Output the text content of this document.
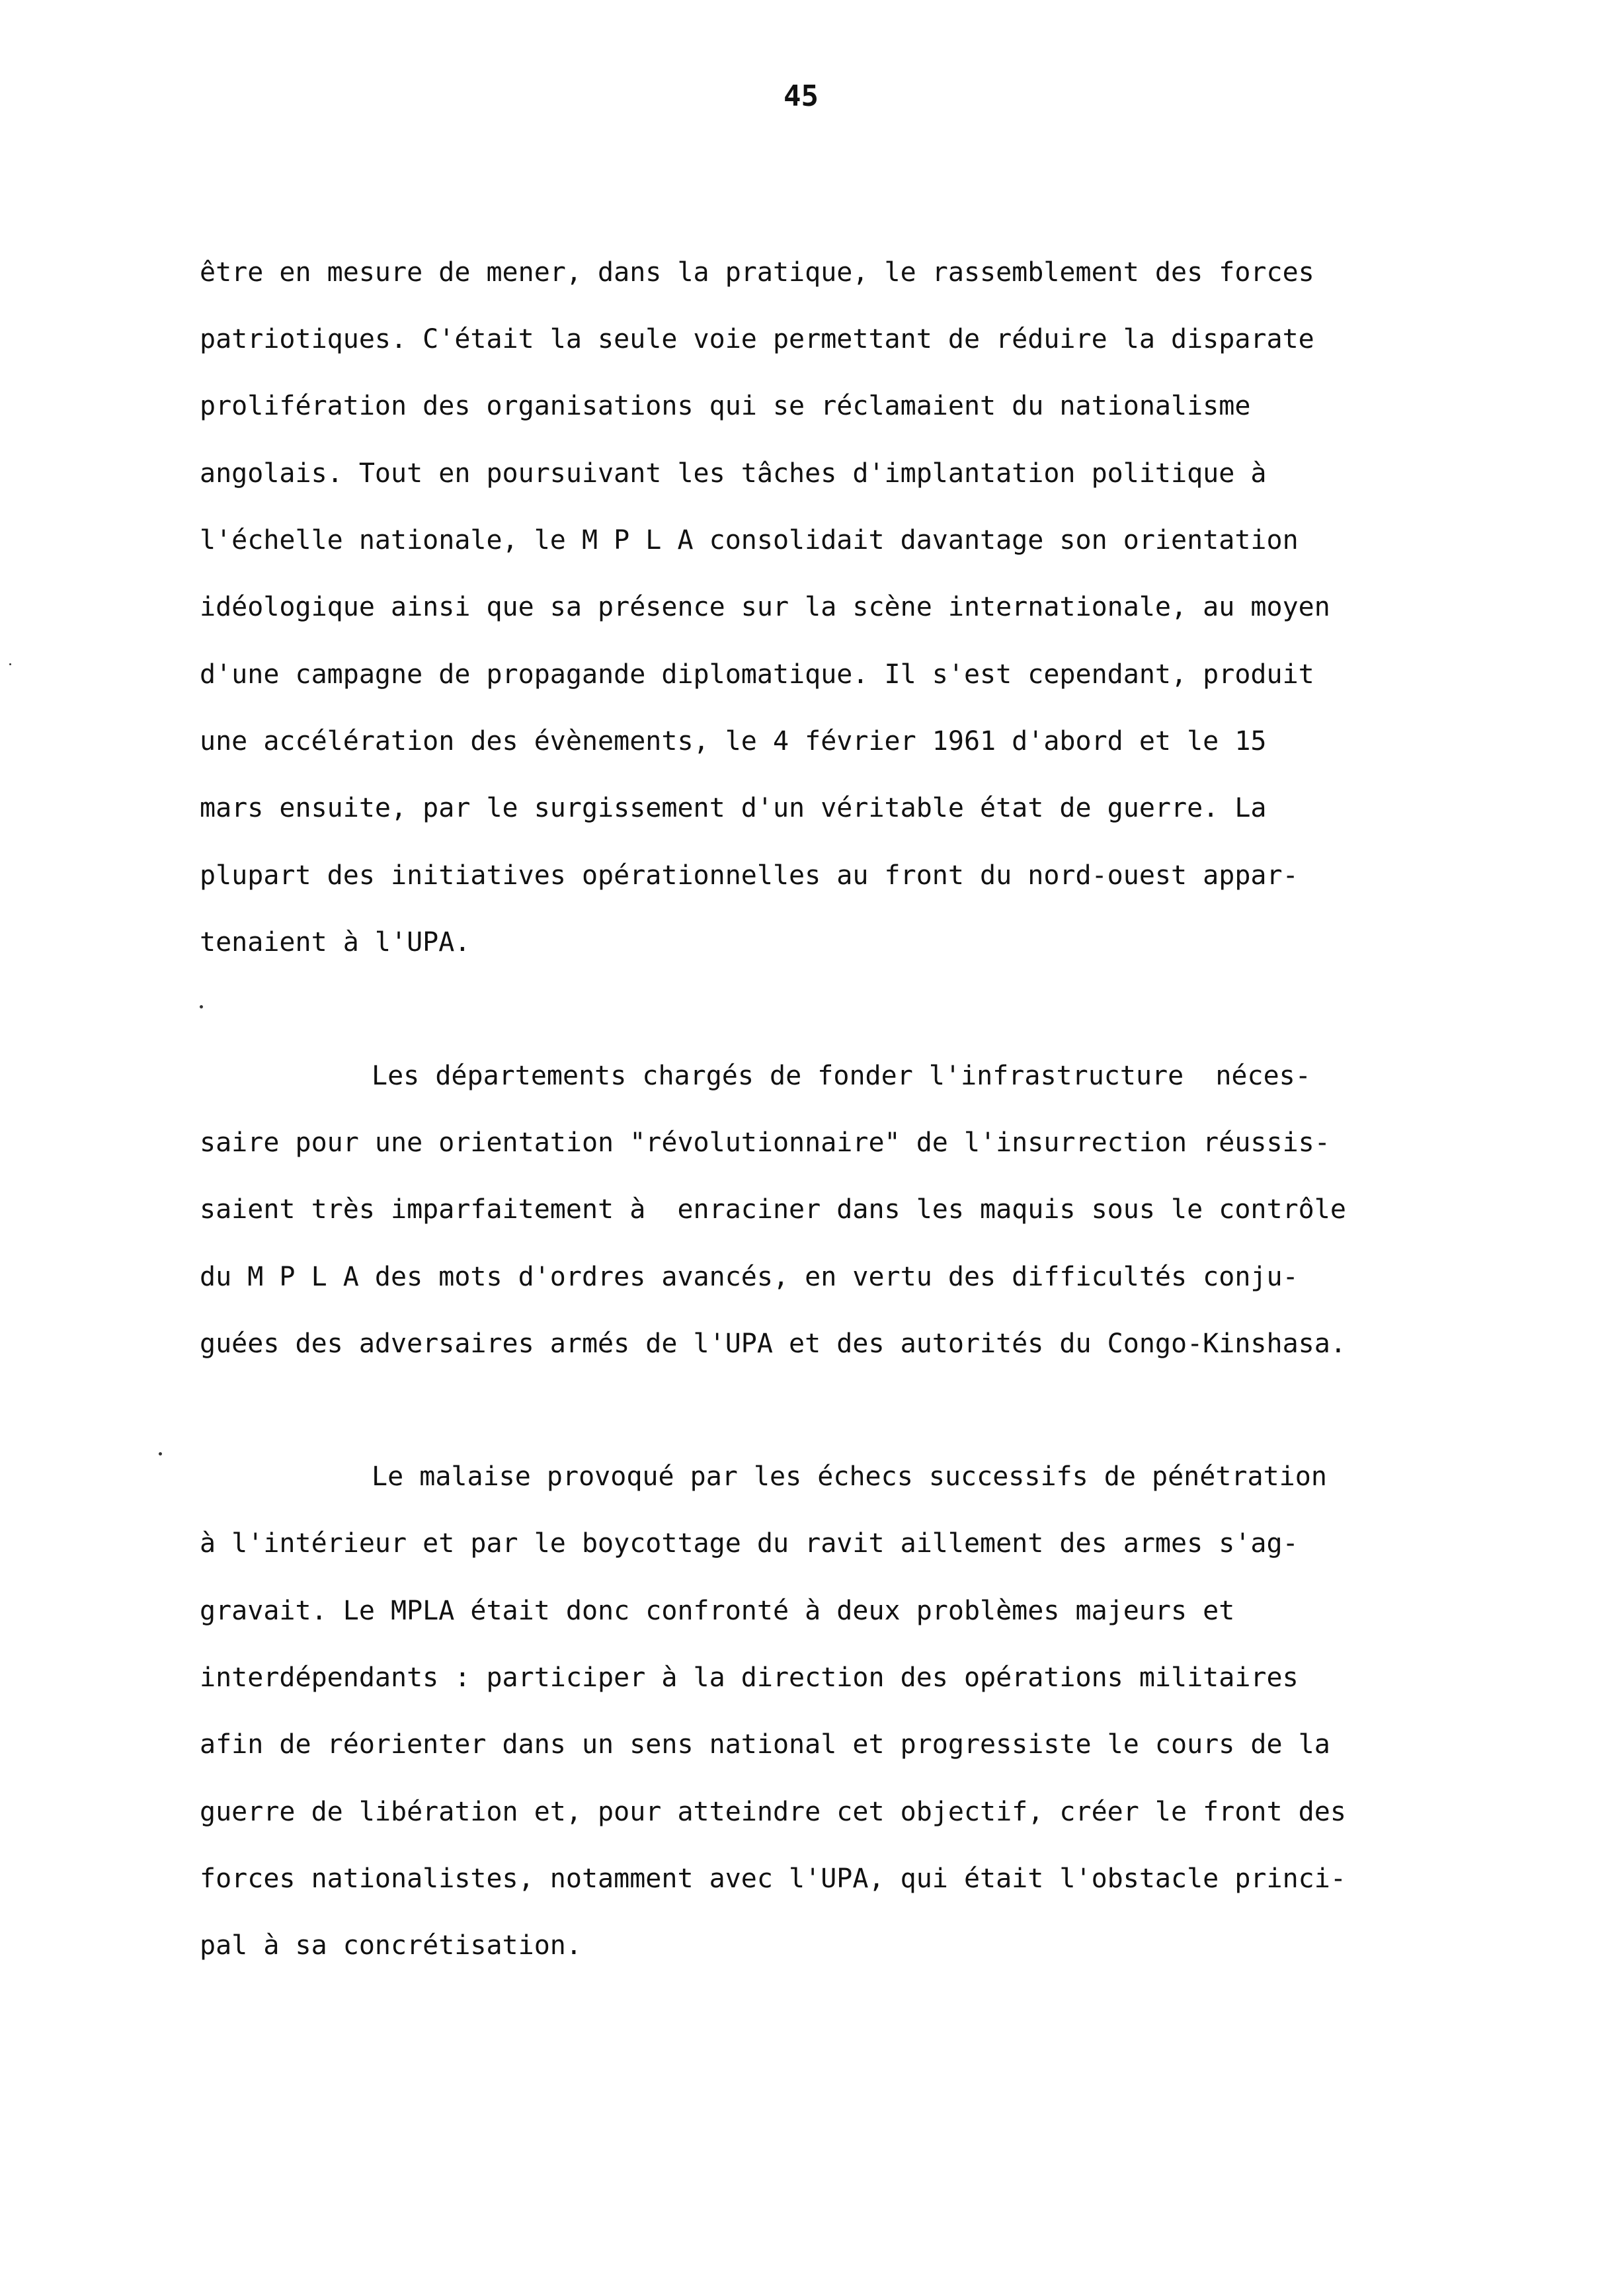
45
être en mesure de mener, dans la pratique, le rassemblement des forces
patriotiques. C'était la seule voie permettant de réduire la disparate
prolifération des organisations qui se réclamaient du nationalisme
angolais. Tout en poursuivant les tâches d'implantation politique à
l'échelle nationale, le M P L A consolidait davantage son orientation
idéologique ainsi que sa présence sur la scène internationale, au moyen
d'une campagne de propagande diplomatique. Il s'est cependant, produit
une accélération des évènements, le 4 février 1961 d'abord et le 15
mars ensuite, par le surgissement d'un véritable état de guerre. La
plupart des initiatives opérationnelles au front du nord-ouest appar-
tenaient à l'UPA.
Les départements chargés de fonder l'infrastructure  néces-
saire pour une orientation "révolutionnaire" de l'insurrection réussis-
saient très imparfaitement à  enraciner dans les maquis sous le contrôle
du M P L A des mots d'ordres avancés, en vertu des difficultés conju-
guées des adversaires armés de l'UPA et des autorités du Congo-Kinshasa.
Le malaise provoqué par les échecs successifs de pénétration
à l'intérieur et par le boycottage du ravit aillement des armes s'ag-
gravait. Le MPLA était donc confronté à deux problèmes majeurs et
interdépendants : participer à la direction des opérations militaires
afin de réorienter dans un sens national et progressiste le cours de la
guerre de libération et, pour atteindre cet objectif, créer le front des
forces nationalistes, notamment avec l'UPA, qui était l'obstacle princi-
pal à sa concrétisation.
